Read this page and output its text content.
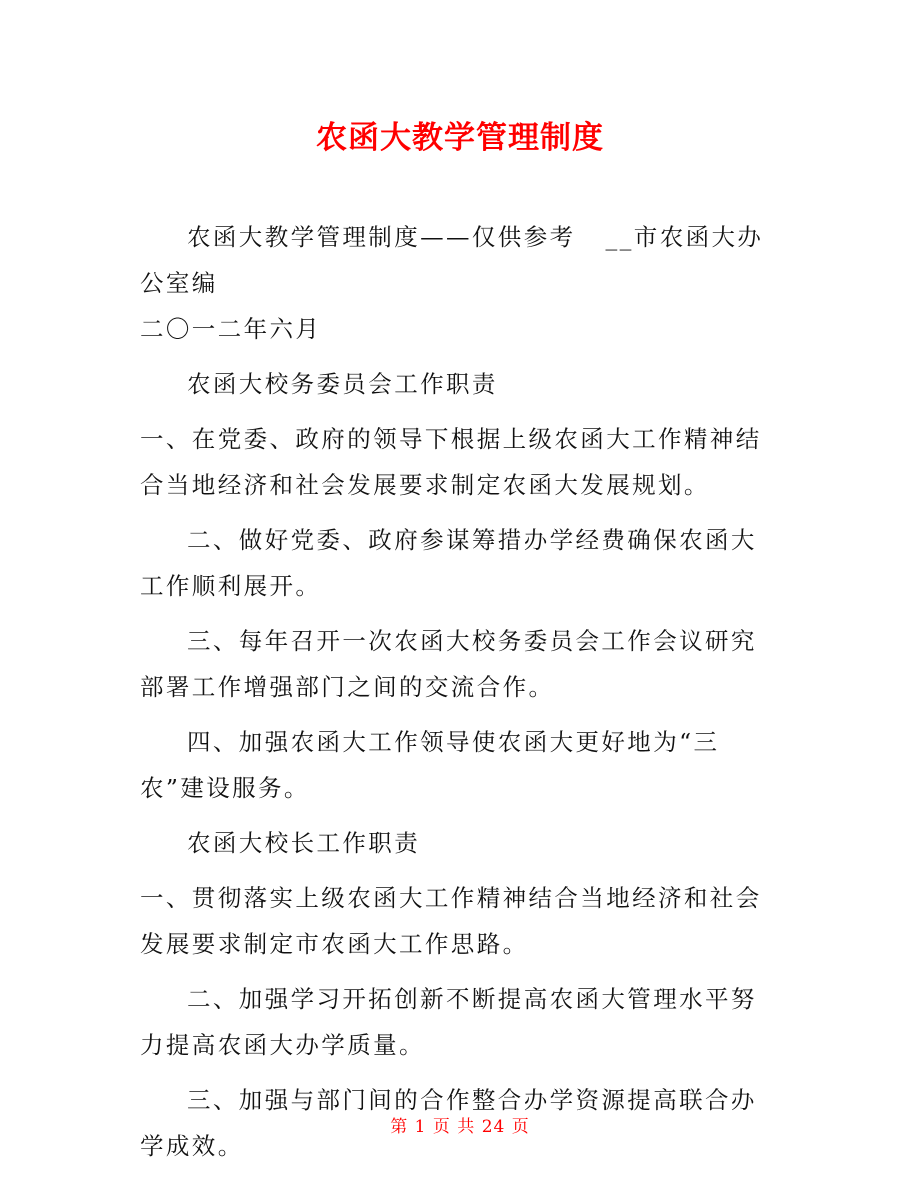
农函大教学管理制度

农函大教学管理制度——仅供参考 __市农函大办公室编
二〇一二年六月

农函大校务委员会工作职责

一、在党委、政府的领导下根据上级农函大工作精神结合当地经济和社会发展要求制定农函大发展规划。

二、做好党委、政府参谋筹措办学经费确保农函大工作顺利展开。

三、每年召开一次农函大校务委员会工作会议研究部署工作增强部门之间的交流合作。

四、加强农函大工作领导使农函大更好地为“三农”建设服务。

农函大校长工作职责

一、贯彻落实上级农函大工作精神结合当地经济和社会发展要求制定市农函大工作思路。

二、加强学习开拓创新不断提高农函大管理水平努力提高农函大办学质量。

三、加强与部门间的合作整合办学资源提高联合办学成效。

第 1 页 共 24 页
